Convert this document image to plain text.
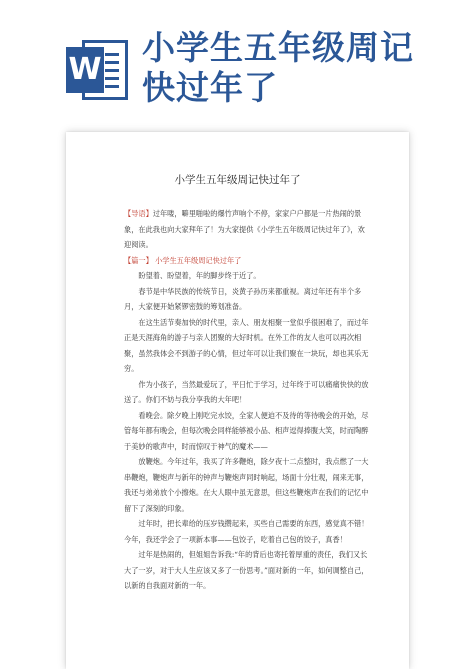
W
小学生五年级周记
快过年了
小学生五年级周记快过年了

【导语】过年喽，噼里啪啦的爆竹声响个不停，家家户户都是一片热闹的景象，在此我也向大家拜年了！为大家提供《小学生五年级周记快过年了》，欢迎阅读。

【篇一】 小学生五年级周记快过年了

盼望着、盼望着，年的脚步终于近了。

春节是中华民族的传统节日，炎黄子孙历来都重视。离过年还有半个多月，大家便开始紧锣密鼓的筹划准备。

在这生活节奏加快的时代里，亲人、朋友相聚一堂似乎很困难了，而过年正是天涯海角的游子与亲人团聚的大好时机。在外工作的友人也可以再次相聚，虽然我体会不到游子的心情，但过年可以让我们聚在一块玩，却也其乐无穷。

作为小孩子，当然最爱玩了，平日忙于学习，过年终于可以痛痛快快的放送了。你们不妨与我分享我的大年吧！

看晚会。除夕晚上刚吃完水饺，全家人便迫不及待的等待晚会的开始，尽管每年都有晚会，但每次晚会同样能够被小品、相声逗得捧腹大笑，时而陶醉于美妙的歌声中，时而惊叹于神气的魔术——

放鞭炮。今年过年，我买了许多鞭炮，除夕夜十二点整时，我点燃了一大串鞭炮，鞭炮声与新年的钟声与鞭炮声同时响起，场面十分壮观，闹来无事，我还与弟弟放个小擦炮。在大人眼中虽无意思，但这些鞭炮声在我们的记忆中留下了深刻的印象。

过年时，把长辈给的压岁钱攒起来，买些自己需要的东西，感觉真不错！今年，我还学会了一项新本事——包饺子，吃着自己包的饺子，真香！

过年是热闹的，但姐姐告诉我:“年的背后也寄托着厚重的责任，我们又长大了一岁，对于大人生应该又多了一份思考。”面对新的一年，如何调整自己，以新的自我面对新的一年。
